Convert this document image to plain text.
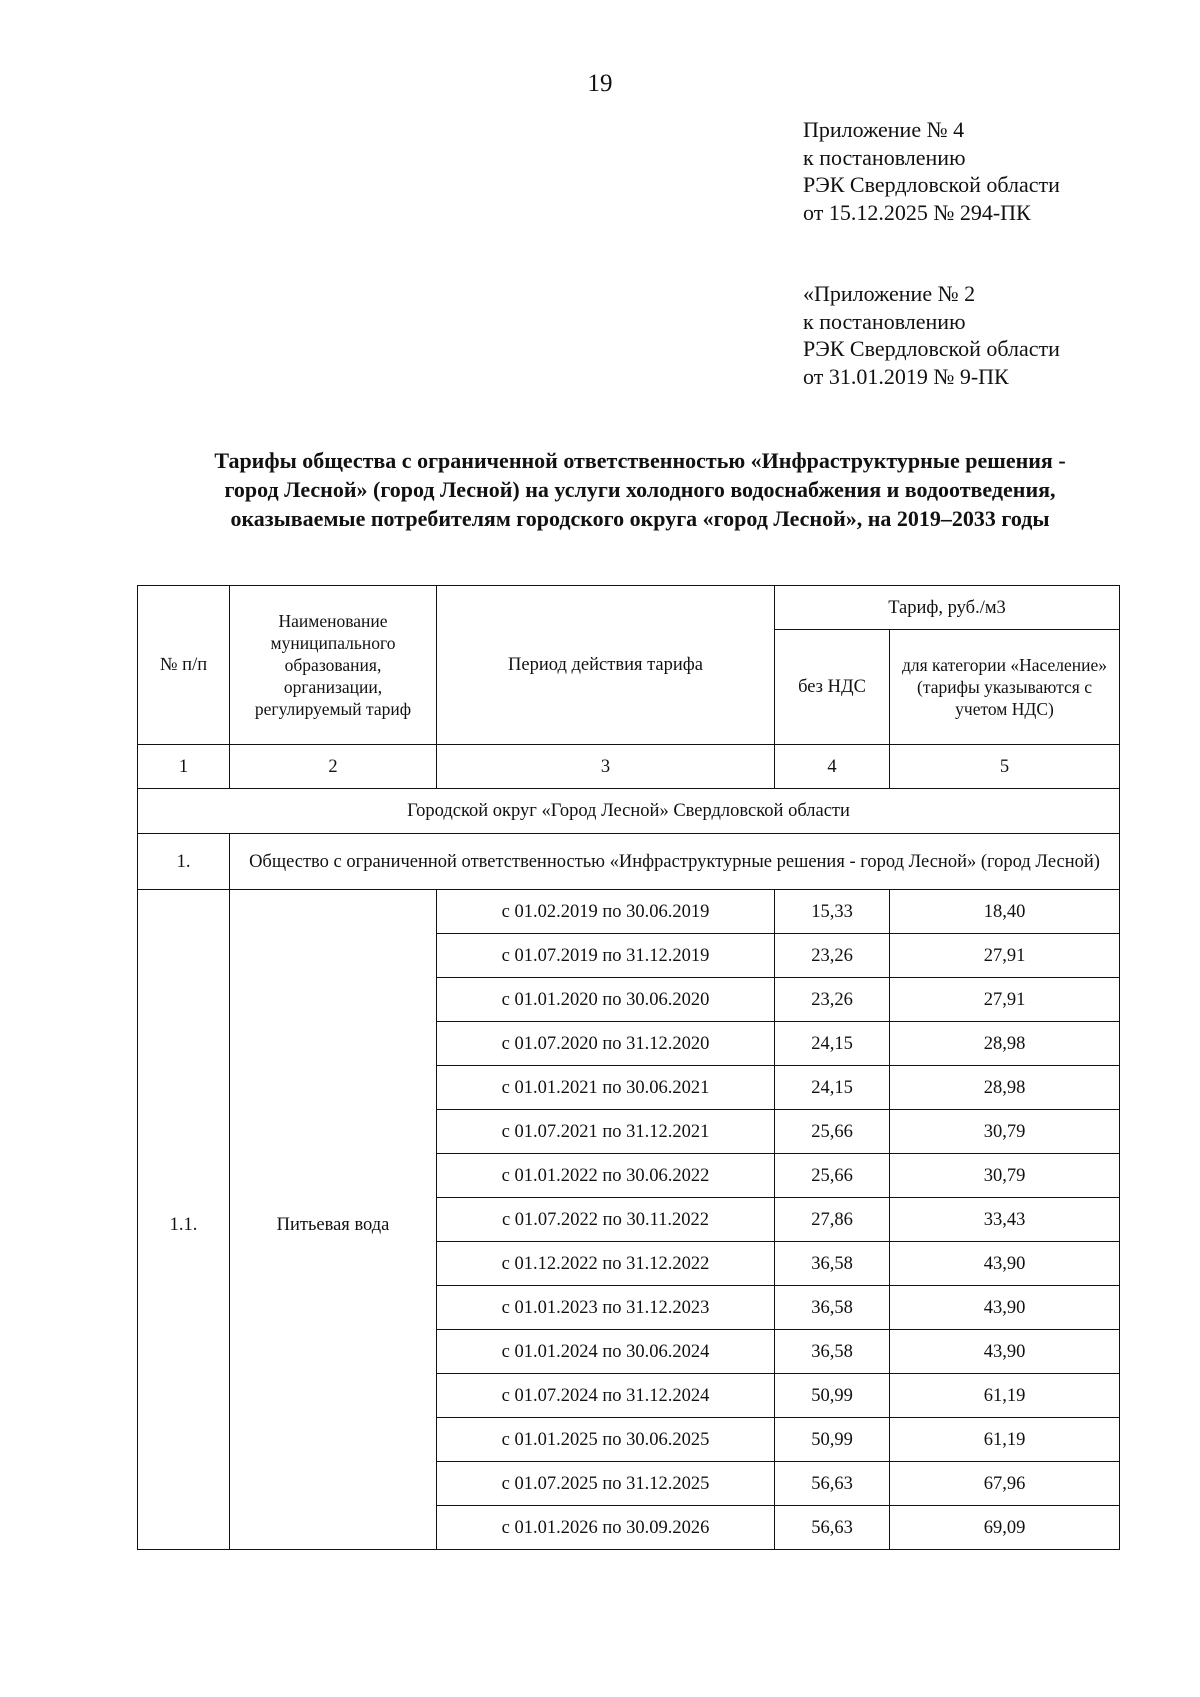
19
Приложение № 4
к постановлению
РЭК Свердловской области
от 15.12.2025 № 294-ПК
«Приложение № 2
к постановлению
РЭК Свердловской области
от 31.01.2019 № 9-ПК
Тарифы общества с ограниченной ответственностью «Инфраструктурные решения -
город Лесной» (город Лесной) на услуги холодного водоснабжения и водоотведения,
оказываемые потребителям городского округа «город Лесной», на 2019–2033 годы
№ п/п	Наименование муниципального образования, организации, регулируемый тариф	Период действия тарифа	Тариф, руб./м3	
			без НДС	для категории «Население» (тарифы указываются с учетом НДС)
1	2	3	4	5
Городской округ «Город Лесной» Свердловской области				
1.	Общество с ограниченной ответственностью «Инфраструктурные решения - город Лесной» (город Лесной)			
1.1.	Питьевая вода	с 01.02.2019 по 30.06.2019	15,33	18,40
		с 01.07.2019 по 31.12.2019	23,26	27,91
		с 01.01.2020 по 30.06.2020	23,26	27,91
		с 01.07.2020 по 31.12.2020	24,15	28,98
		с 01.01.2021 по 30.06.2021	24,15	28,98
		с 01.07.2021 по 31.12.2021	25,66	30,79
		с 01.01.2022 по 30.06.2022	25,66	30,79
		с 01.07.2022 по 30.11.2022	27,86	33,43
		с 01.12.2022 по 31.12.2022	36,58	43,90
		с 01.01.2023 по 31.12.2023	36,58	43,90
		с 01.01.2024 по 30.06.2024	36,58	43,90
		с 01.07.2024 по 31.12.2024	50,99	61,19
		с 01.01.2025 по 30.06.2025	50,99	61,19
		с 01.07.2025 по 31.12.2025	56,63	67,96
		с 01.01.2026 по 30.09.2026	56,63	69,09
